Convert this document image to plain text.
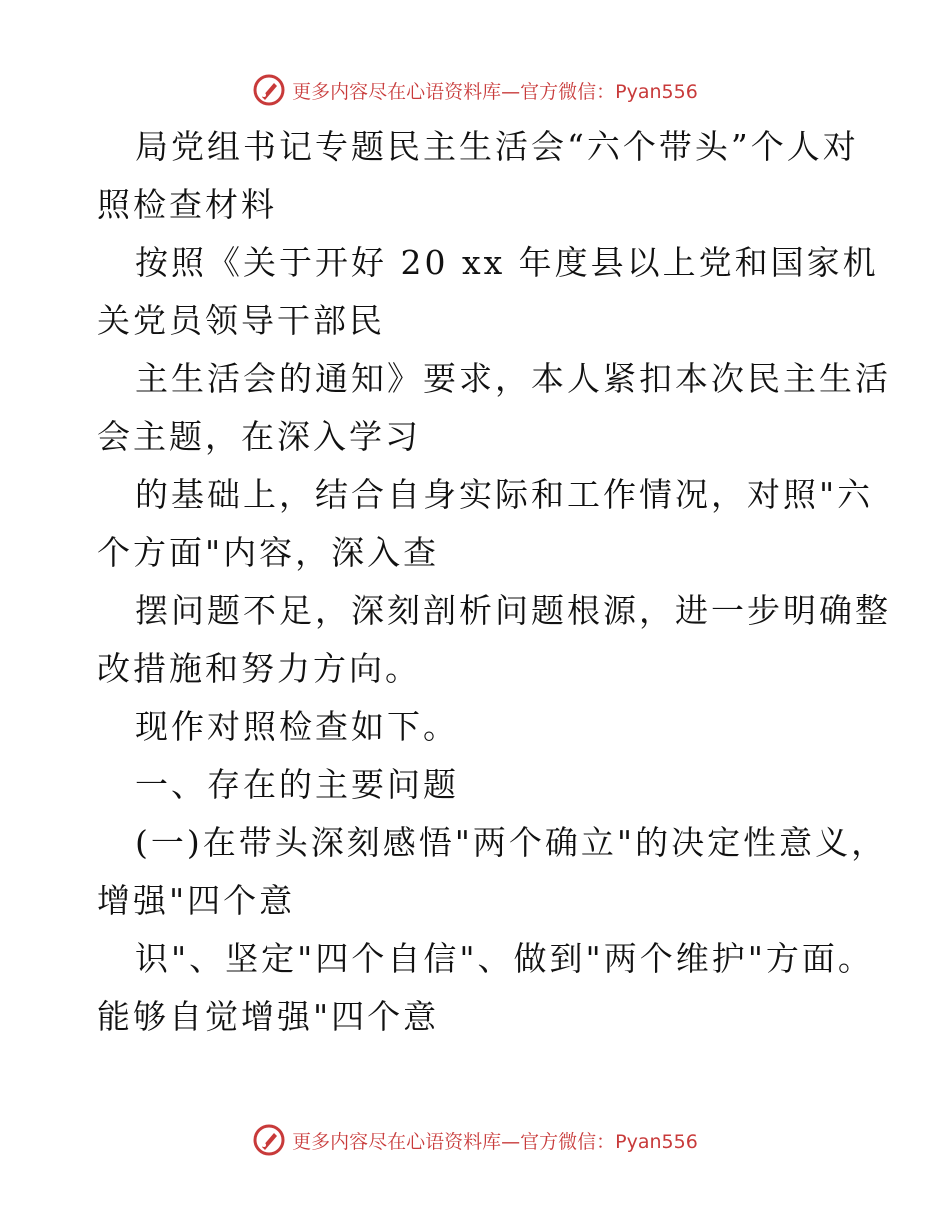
更多内容尽在心语资料库—官方微信：Pyan556
局党组书记专题民主生活会“六个带头”个人对
照检查材料
按照《关于开好 20 xx 年度县以上党和国家机
关党员领导干部民
主生活会的通知》要求，本人紧扣本次民主生活
会主题，在深入学习
的基础上，结合自身实际和工作情况，对照"六
个方面"内容，深入查
摆问题不足，深刻剖析问题根源，进一步明确整
改措施和努力方向。
现作对照检查如下。
一、存在的主要问题
(一)在带头深刻感悟"两个确立"的决定性意义，
增强"四个意
识"、坚定"四个自信"、做到"两个维护"方面。
能够自觉增强"四个意
更多内容尽在心语资料库—官方微信：Pyan556
